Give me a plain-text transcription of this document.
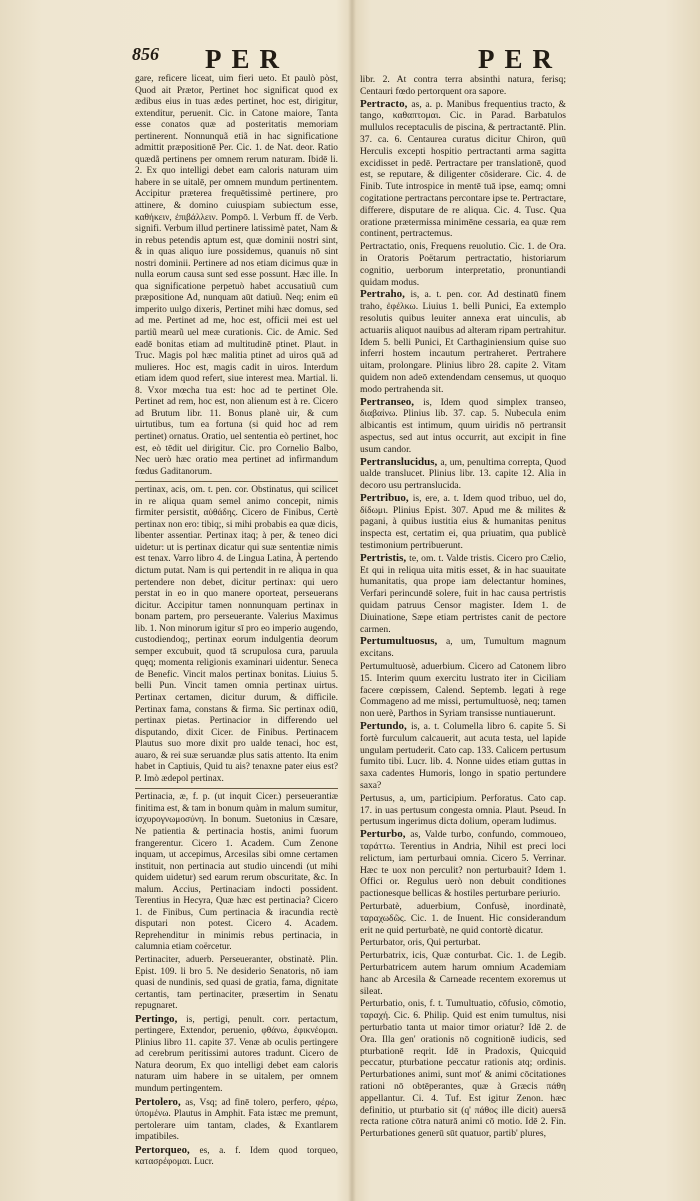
856 PER	PER

gare, reficere liceat, uim fieri ueto. Et paulò pòst, Quod ait Prætor, Pertinet hoc significat quod ex ædibus eius in tuas ædes pertinet, hoc est, dirigitur, extenditur, peruenit. Cic. in Catone maiore, Tanta esse conatos quæ ad posteritatis memoriam pertinerent. Nonnunquã etiã in hac significatione admittit præpositionē Per. Cic. 1. de Nat. deor. Ratio quædã pertinens per omnem rerum naturam. Ibidē li. 2. Ex quo intelligi debet eam caloris naturam uim habere in se uitalē, per omnem mundum pertinentem. Accipitur præterea frequētissimè pertinere, pro attinere, & domino cuiuspiam subiectum esse, καθήκειν, ἐπιβάλλειν. Pompō. l. Verbum ff. de Verb. signifi. Verbum illud pertinere latissimè patet, Nam & in rebus petendis aptum est, quæ dominii nostri sint, & in quas aliquo iure possidemus, quanuis nō sint nostri dominii. Pertinere ad nos etiam dicimus quæ in nulla eorum causa sunt sed esse possunt. Hæc ille. In qua significatione perpetuò habet accusatiuũ cum præpositione Ad, nunquam aūt datiuũ. Neq; enim eū imperito uulgo dixeris, Pertinet mihi hæc domus, sed ad me. Pertinet ad me, hoc est, officii mei est uel partiũ mearũ uel meæ curationis. Cic. de Amic. Sed eadē bonitas etiam ad multitudinē ptinet. Plaut. in Truc. Magis pol hæc malitia ptinet ad uiros quā ad mulieres. Hoc est, magis cadit in uiros. Interdum etiam idem quod refert, siue interest mea. Martial. li. 8. Vxor mœcha tua est: hoc ad te pertinet Ole. Pertinet ad rem, hoc est, non alienum est à re. Cicero ad Brutum libr. 11. Bonus planè uir, & cum uirtutibus, tum ea fortuna (si quid hoc ad rem pertinet) ornatus. Oratio, uel sententia eò pertinet, hoc est, eò tēdit uel dirigitur. Cic. pro Cornelio Balbo, Nec uerò hæc oratio mea pertinet ad infirmandum fœdus Gaditanorum.

pertinax, acis, om. t. pen. cor. Obstinatus, qui scilicet in re aliqua quam semel animo concepit, nimis firmiter persistit, αὐθάδης. Cicero de Finibus, Certè pertinax non ero: tibiq;, si mihi probabis ea quæ dicis, libenter assentiar. Pertinax itaq; à per, & teneo dici uidetur: ut is pertinax dicatur qui suæ sententiæ nimis est tenax. Varro libro 4. de Lingua Latina, À pertendo dictum putat. Nam is qui pertendit in re aliqua in qua pertendere non debet, dicitur pertinax: qui uero perstat in eo in quo manere oporteat, perseuerans dicitur. Accipitur tamen nonnunquam pertinax in bonam partem, pro perseuerante. Valerius Maximus lib. 1. Non minorum igitur sī pro eo imperio augendo, custodiendoq;, pertinax eorum indulgentia deorum semper excubuit, quod tā scrupulosa cura, paruula quęq; momenta religionis examinari uidentur. Seneca de Benefic. Vincit malos pertinax bonitas. Liuius 5. belli Pun. Vincit tamen omnia pertinax uirtus. Pertinax certamen, dicitur durum, & difficile. Pertinax fama, constans & firma. Sic pertinax odiū, pertinax pietas. Pertinacior in differendo uel disputando, dixit Cicer. de Finibus. Pertinacem Plautus suo more dixit pro ualde tenaci, hoc est, auaro, & rei suæ seruandæ plus satis attento. Ita enim habet in Captiuis, Quid tu ais? tenaxne pater eius est? P. Imò ædepol pertinax.

Pertinacia, æ, f. p. (ut inquit Cicer.) perseuerantiæ finitima est, & tam in bonum quàm in malum sumitur, ἰσχυρογνωμοσύνη. In bonum. Suetonius in Cæsare, Ne patientia & pertinacia hostis, animi fuorum frangerentur. Cicero 1. Academ. Cum Zenone inquam, ut accepimus, Arcesilas sibi omne certamen instituit, non pertinacia aut studio uincendi (ut mihi quidem uidetur) sed earum rerum obscuritate, &c. In malum. Accius, Pertinaciam indocti possident. Terentius in Hecyra, Quæ hæc est pertinacia? Cicero 1. de Finibus, Cum pertinacia & iracundia rectè disputari non potest. Cicero 4. Academ. Reprehenditur in minimis rebus pertinacia, in calumnia etiam coërcetur.

Pertinaciter, aduerb. Perseueranter, obstinatè. Plin. Epist. 109. li bro 5. Ne desiderio Senatoris, nō iam quasi de nundinis, sed quasi de gratia, fama, dignitate certantis, tam pertinaciter, præsertim in Senatu repugnaret.

Pertingo, is, pertigi, penult. corr. pertactum, pertingere, Extendor, peruenio, φθάνω, ἐφικνέομαι. Plinius libro 11. capite 37. Venæ ab oculis pertingere ad cerebrum peritissimi autores tradunt. Cicero de Natura deorum, Ex quo intelligi debet eam caloris naturam uim habere in se uitalem, per omnem mundum pertingentem.

Pertolero, as, Vsq; ad finē tolero, perfero, φέρω, ὑπομένω. Plautus in Amphit. Fata istæc me premunt, pertolerare uim tantam, clades, & Exantlarem impatibiles.

Pertorqueo, es, a. f. Idem quod torqueo, κατασρέφομαι. Lucr.

libr. 2. At contra terra absinthi natura, ferisq; Centauri fœdo pertorquent ora sapore.

Pertracto, as, a. p. Manibus frequentius tracto, & tango, καθαπτομαι. Cic. in Parad. Barbatulos mullulos receptaculis de piscina, & pertractantē. Plin. 37. ca. 6. Centaurea curatus dicitur Chiron, quū Herculis excepti hospitio pertractanti arma sagitta excidisset in pedē. Pertractare per translationē, quod est, se reputare, & diligenter cōsiderare. Cic. 4. de Finib. Tute introspice in mentē tuā ipse, eamq; omni cogitatione pertractans percontare ipse te. Pertractare, differere, disputare de re aliqua. Cic. 4. Tusc. Qua oratione prætermissa minimēne cessaria, ea quæ rem continent, pertractemus.

Pertractatio, onis, Frequens reuolutio. Cic. 1. de Ora. in Oratoris Poëtarum pertractatio, historiarum cognitio, uerborum interpretatio, pronuntiandi quidam modus.

Pertraho, is, a. t. pen. cor. Ad destinatū finem traho, ἐφέλκω. Liuius 1. belli Punici, Ea extemplo resolutis quibus leuiter annexa erat uinculis, ab actuariis aliquot nauibus ad alteram ripam pertrahitur. Idem 5. belli Punici, Et Carthaginiensium quise suo inferri hostem incautum pertraheret. Pertrahere uitam, prolongare. Plinius libro 28. capite 2. Vitam quidem non adeō extendendam censemus, ut quoquo modo pertrahenda sit.

Pertranseo, is, Idem quod simplex transeo, διαβαίνω. Plinius lib. 37. cap. 5. Nubecula enim albicantis est intimum, quum uiridis nō pertransit aspectus, sed aut intus occurrit, aut excipit in fine usum candor.

Pertranslucidus, a, um, penultima correpta, Quod ualde translucet. Plinius libr. 13. capite 12. Alia in decoro usu pertranslucida.

Pertribuo, is, ere, a. t. Idem quod tribuo, uel do, δίδωμι. Plinius Epist. 307. Apud me & milites & pagani, à quibus iustitia eius & humanitas penitus inspecta est, certatim ei, qua priuatim, qua publicè testimonium pertribuerunt.

Pertristis, te, om. t. Valde tristis. Cicero pro Cælio, Et qui in reliqua uita mitis esset, & in hac suauitate humanitatis, qua prope iam delectantur homines, Verfari perincundē solere, fuit in hac causa pertristis quidam patruus Censor magister. Idem 1. de Diuinatione, Sæpe etiam pertristes canit de pectore carmen.

Pertumultuosus, a, um, Tumultum magnum excitans.

Pertumultuosè, aduerbium. Cicero ad Catonem libro 15. Interim quum exercitu lustrato iter in Ciciliam facere cœpissem, Calend. Septemb. legati à rege Commageno ad me missi, pertumultuosè, neq; tamen non uerè, Parthos in Syriam transisse nuntiauerunt.

Pertundo, is, a. t. Columella libro 6. capite 5. Si fortè furculum calcauerit, aut acuta testa, uel lapide ungulam pertuderit. Cato cap. 133. Calicem pertusum fumito tibi. Lucr. lib. 4. Nonne uides etiam guttas in saxa cadentes Humoris, longo in spatio pertundere saxa?

Pertusus, a, um, participium. Perforatus. Cato cap. 17. in uas pertusum congesta omnia. Plaut. Pseud. In pertusum ingerimus dicta dolium, operam ludimus.

Perturbo, as, Valde turbo, confundo, commoueo, ταράττω. Terentius in Andria, Nihil est preci loci relictum, iam perturbaui omnia. Cicero 5. Verrinar. Hæc te uox non perculit? non perturbauit? Idem 1. Offici or. Regulus uerò non debuit conditiones pactionesque bellicas & hostiles perturbare periurio.

Perturbatè, aduerbium, Confusè, inordinatè, ταραχωδῶς. Cic. 1. de Inuent. Hic considerandum erit ne quid perturbatè, ne quid contortè dicatur.

Perturbator, oris, Qui perturbat.

Perturbatrix, icis, Quæ conturbat. Cic. 1. de Legib. Perturbatricem autem harum omnium Academiam hanc ab Arcesila & Carneade recentem exoremus ut sileat.

Perturbatio, onis, f. t. Tumultuatio, cōfusio, cōmotio, ταραχή. Cic. 6. Philip. Quid est enim tumultus, nisi perturbatio tanta ut maior timor oriatur? Idē 2. de Ora. Illa gen' orationis nō cognitionē iudicis, sed pturbationē reqrit. Idē in Pradoxis, Quicquid peccatur, pturbatione peccatur rationis atq; ordinis. Perturbationes animi, sunt mot' & animi cōcitationes rationi nō obtēperantes, quæ à Græcis πάθη appellantur. Ci. 4. Tuf. Est igitur Zenon. hæc definitio, ut pturbatio sit (q' πάθος ille dicit) auersā recta ratione cōtra naturā animi cō motio. Idē 2. Fin. Perturbationes generū sūt quatuor, partib' plures,
